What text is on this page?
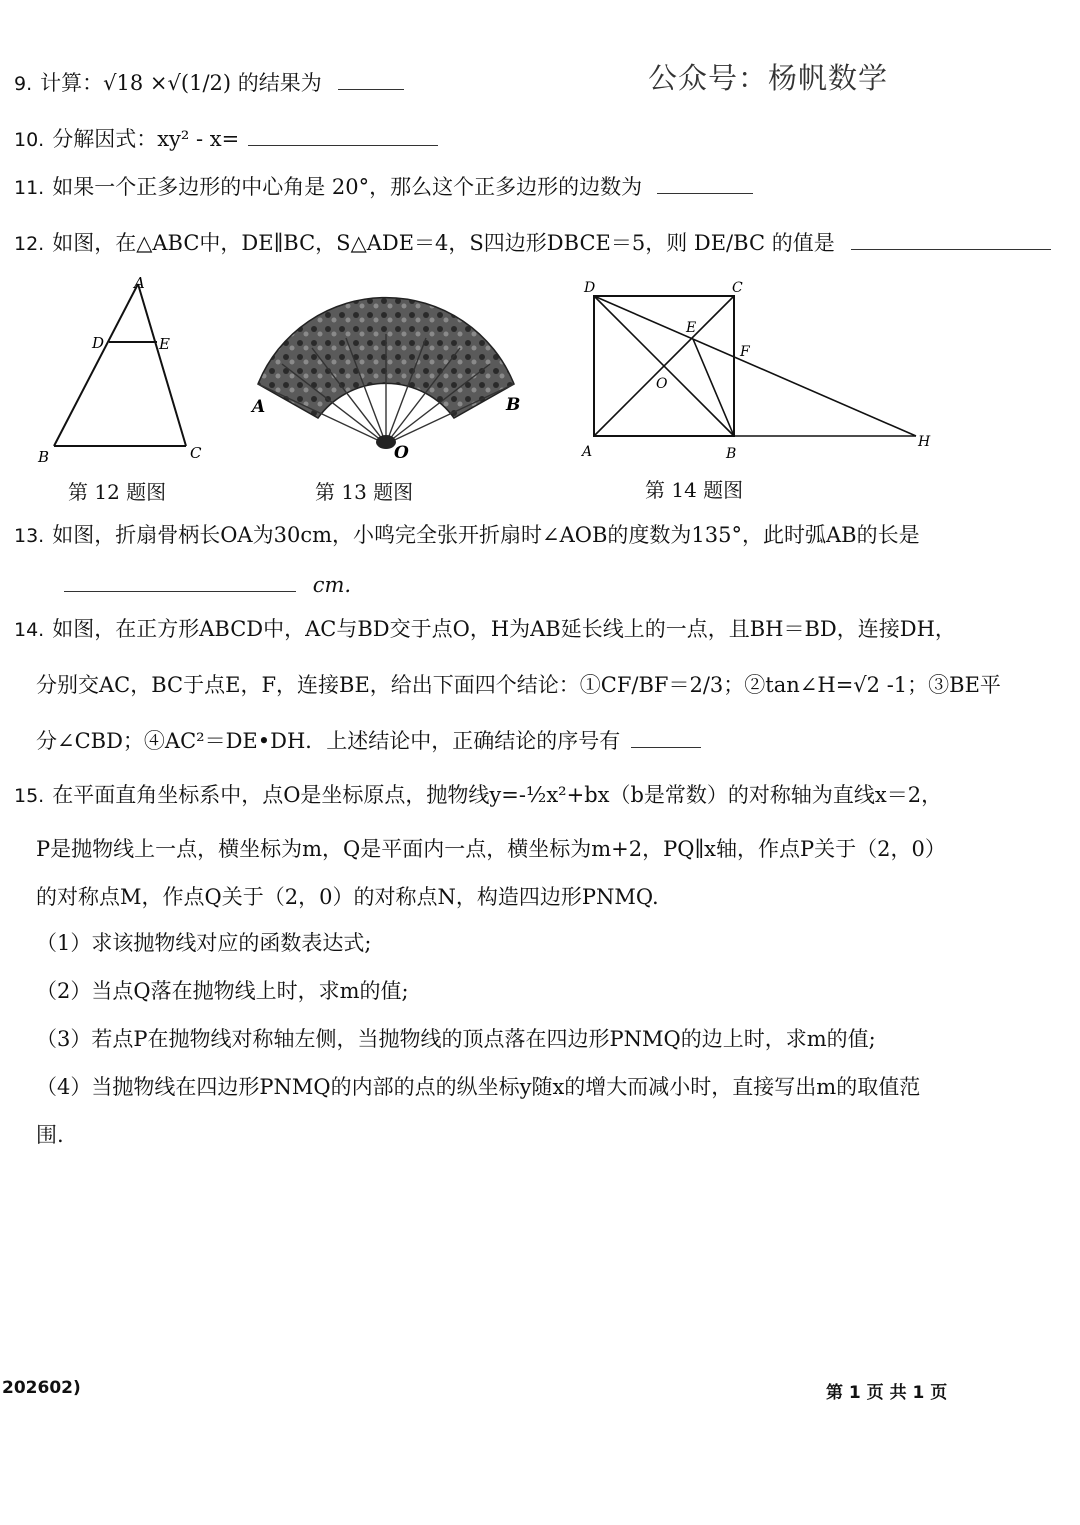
公众号：杨帆数学
9. 计算：√18 ×√(1/2) 的结果为
10. 分解因式：xy² - x=
11. 如果一个正多边形的中心角是 20°，那么这个正多边形的边数为
12. 如图，在△ABC中，DE∥BC，S△ADE＝4，S四边形DBCE＝5，则 DE/BC 的值是
A
D	E
B	C
第 12 题图
A	B
O
第 13 题图
D	C
E
F
O
A	B
H
第 14 题图
13. 如图，折扇骨柄长OA为30cm，小鸣完全张开折扇时∠AOB的度数为135°，此时弧AB的长是
cm.
14. 如图，在正方形ABCD中，AC与BD交于点O，H为AB延长线上的一点，且BH＝BD，连接DH，
分别交AC，BC于点E，F，连接BE，给出下面四个结论：①CF/BF＝2/3；②tan∠H=√2 -1；③BE平
分∠CBD；④AC²＝DE•DH．上述结论中，正确结论的序号有
15. 在平面直角坐标系中，点O是坐标原点，抛物线y=-½x²+bx（b是常数）的对称轴为直线x＝2，
P是抛物线上一点，横坐标为m，Q是平面内一点，横坐标为m+2，PQ∥x轴，作点P关于（2，0）
的对称点M，作点Q关于（2，0）的对称点N，构造四边形PNMQ.
（1）求该抛物线对应的函数表达式;
（2）当点Q落在抛物线上时，求m的值;
（3）若点P在抛物线对称轴左侧，当抛物线的顶点落在四边形PNMQ的边上时，求m的值;
（4）当抛物线在四边形PNMQ的内部的点的纵坐标y随x的增大而减小时，直接写出m的取值范
围.
202602)	第 1 页 共 1 页
